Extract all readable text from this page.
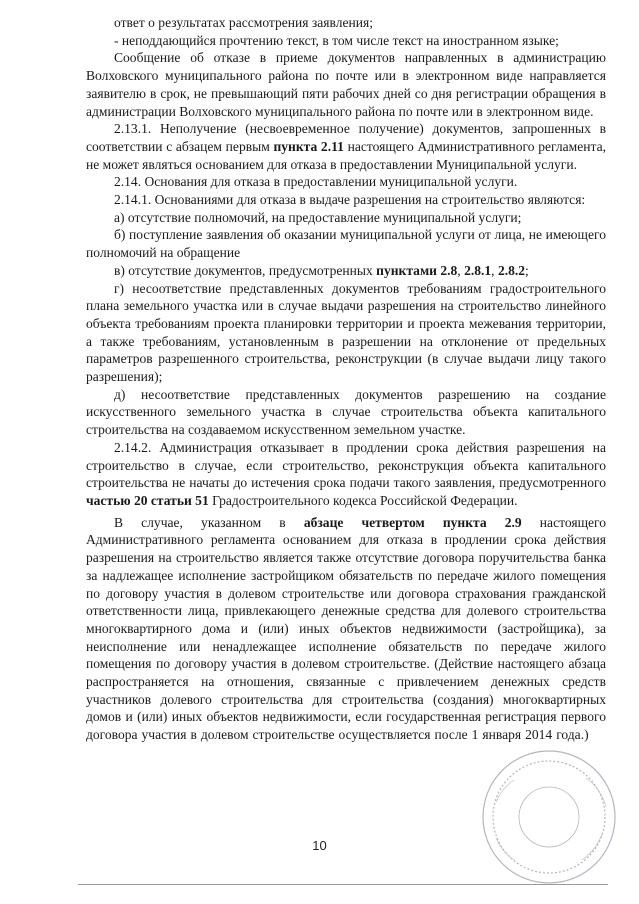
ответ о результатах рассмотрения заявления;

- неподдающийся прочтению текст, в том числе текст на иностранном языке;

Сообщение об отказе в приеме документов направленных в администрацию Волховского муниципального района по почте или в электронном виде направляется заявителю в срок, не превышающий пяти рабочих дней со дня регистрации обращения в администрации Волховского муниципального района по почте или в электронном виде.

2.13.1. Неполучение (несвоевременное получение) документов, запрошенных в соответствии с абзацем первым пункта 2.11 настоящего Административного регламента, не может являться основанием для отказа в предоставлении Муниципальной услуги.

2.14. Основания для отказа в предоставлении муниципальной услуги.

2.14.1. Основаниями для отказа в выдаче разрешения на строительство являются:

а) отсутствие полномочий, на предоставление муниципальной услуги;

б) поступление заявления об оказании муниципальной услуги от лица, не имеющего полномочий на обращение

в) отсутствие документов, предусмотренных пунктами 2.8, 2.8.1, 2.8.2;

г) несоответствие представленных документов требованиям градостроительного плана земельного участка или в случае выдачи разрешения на строительство линейного объекта требованиям проекта планировки территории и проекта межевания территории, а также требованиям, установленным в разрешении на отклонение от предельных параметров разрешенного строительства, реконструкции (в случае выдачи лицу такого разрешения);

д) несоответствие представленных документов разрешению на создание искусственного земельного участка в случае строительства объекта капитального строительства на создаваемом искусственном земельном участке.

2.14.2. Администрация отказывает в продлении срока действия разрешения на строительство в случае, если строительство, реконструкция объекта капитального строительства не начаты до истечения срока подачи такого заявления, предусмотренного частью 20 статьи 51 Градостроительного кодекса Российской Федерации.

В случае, указанном в абзаце четвертом пункта 2.9 настоящего Административного регламента основанием для отказа в продлении срока действия разрешения на строительство является также отсутствие договора поручительства банка за надлежащее исполнение застройщиком обязательств по передаче жилого помещения по договору участия в долевом строительстве или договора страхования гражданской ответственности лица, привлекающего денежные средства для долевого строительства многоквартирного дома и (или) иных объектов недвижимости (застройщика), за неисполнение или ненадлежащее исполнение обязательств по передаче жилого помещения по договору участия в долевом строительстве. (Действие настоящего абзаца распространяется на отношения, связанные с привлечением денежных средств участников долевого строительства для строительства (создания) многоквартирных домов и (или) иных объектов недвижимости, если государственная регистрация первого договора участия в долевом строительстве осуществляется после 1 января 2014 года.)

10
